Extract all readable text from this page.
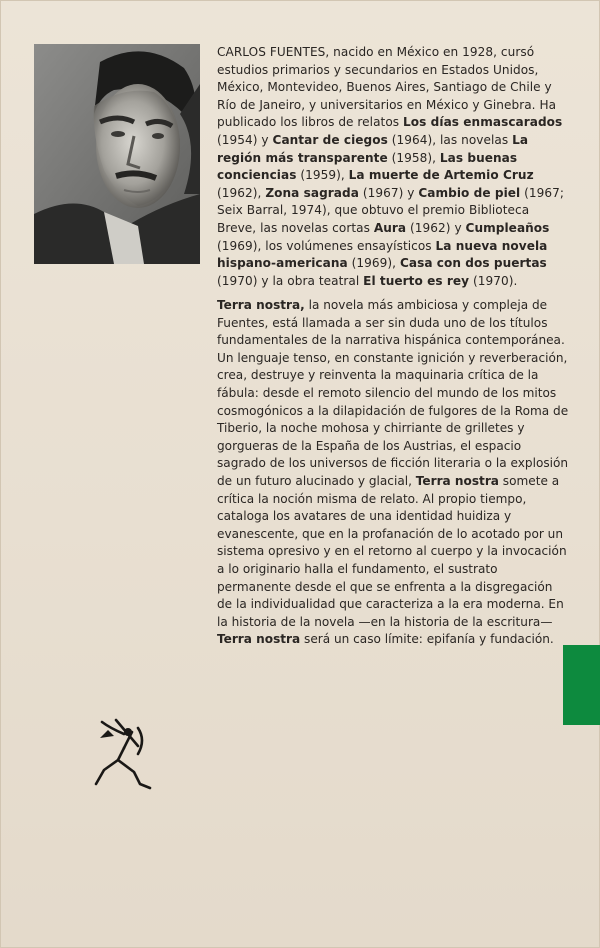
CARLOS FUENTES, nacido en México en 1928, cursó estudios primarios y secundarios en Estados Unidos, México, Montevideo, Buenos Aires, Santiago de Chile y Río de Janeiro, y universitarios en México y Ginebra. Ha publicado los libros de relatos Los días enmascarados (1954) y Cantar de ciegos (1964), las novelas La región más transparente (1958), Las buenas conciencias (1959), La muerte de Artemio Cruz (1962), Zona sagrada (1967) y Cambio de piel (1967; Seix Barral, 1974), que obtuvo el premio Biblioteca Breve, las novelas cortas Aura (1962) y Cumpleaños (1969), los volúmenes ensayísticos La nueva novela hispano-americana (1969), Casa con dos puertas (1970) y la obra teatral El tuerto es rey (1970).

Terra nostra, la novela más ambiciosa y compleja de Fuentes, está llamada a ser sin duda uno de los títulos fundamentales de la narrativa hispánica contemporánea. Un lenguaje tenso, en constante ignición y reverberación, crea, destruye y reinventa la maquinaria crítica de la fábula: desde el remoto silencio del mundo de los mitos cosmogónicos a la dilapidación de fulgores de la Roma de Tiberio, la noche mohosa y chirriante de grilletes y gorgueras de la España de los Austrias, el espacio sagrado de los universos de ficción literaria o la explosión de un futuro alucinado y glacial, Terra nostra somete a crítica la noción misma de relato. Al propio tiempo, cataloga los avatares de una identidad huidiza y evanescente, que en la profanación de lo acotado por un sistema opresivo y en el retorno al cuerpo y la invocación a lo originario halla el fundamento, el sustrato permanente desde el que se enfrenta a la disgregación de la individualidad que caracteriza a la era moderna. En la historia de la novela —en la historia de la escritura— Terra nostra será un caso límite: epifanía y fundación.
